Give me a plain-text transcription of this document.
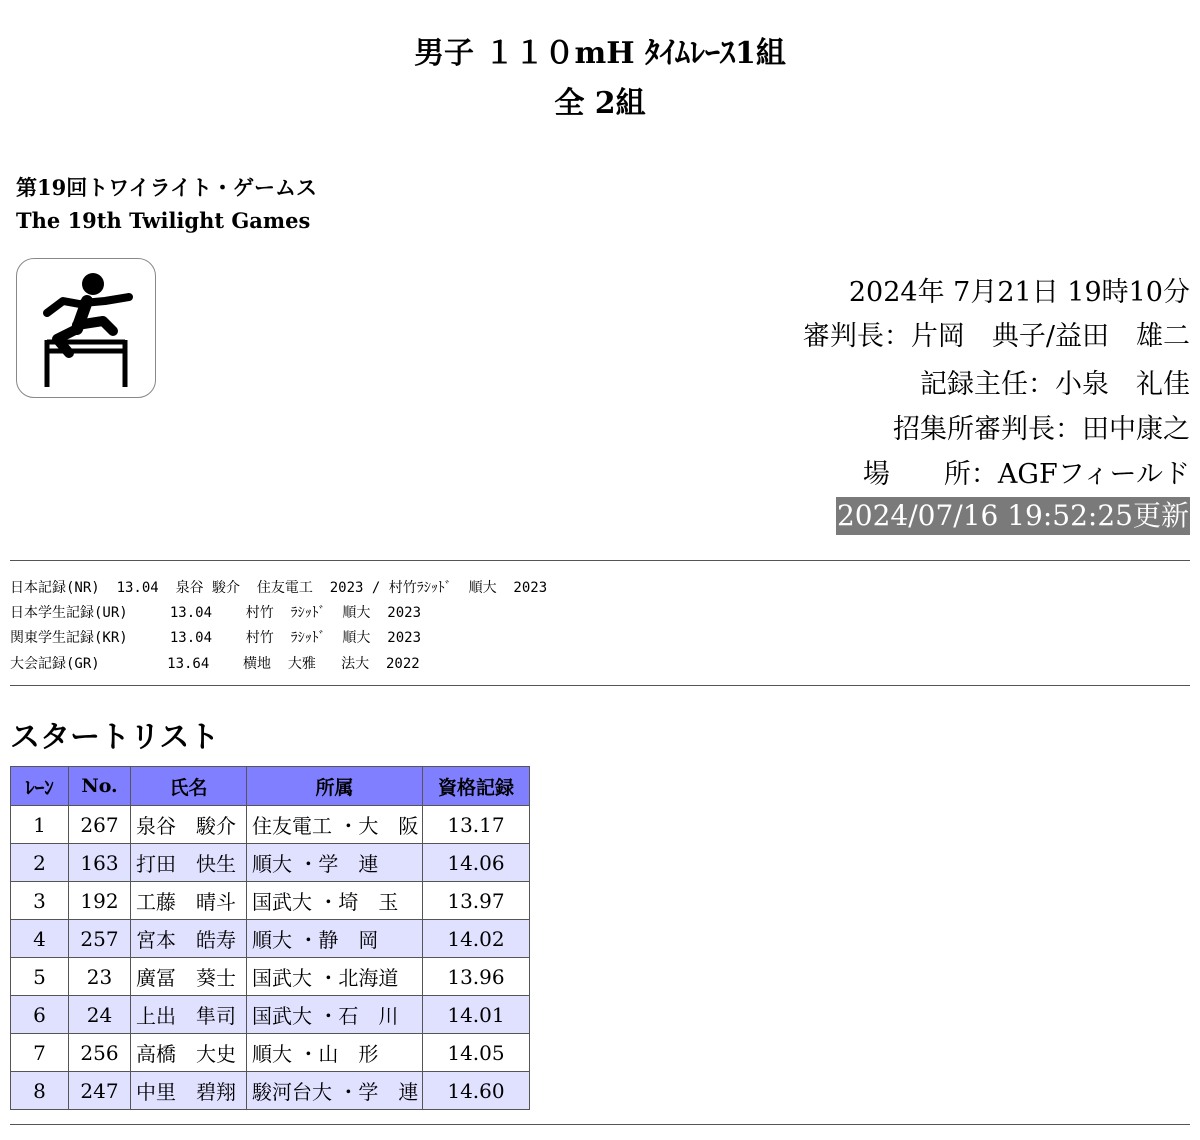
男子 １１０mH ﾀｲﾑﾚｰｽ1組
全 2組
第19回トワイライト・ゲームス
The 19th Twilight Games
2024年 7月21日 19時10分
審判長：片岡　典子/益田　雄二
記録主任：小泉　礼佳
招集所審判長：田中康之
場　　所：AGFフィールド
2024/07/16 19:52:25更新
日本記録(NR)  13.04  泉谷 駿介  住友電工  2023 / 村竹ﾗｼｯﾄﾞ  順大  2023
日本学生記録(UR)     13.04    村竹  ﾗｼｯﾄﾞ  順大  2023
関東学生記録(KR)     13.04    村竹  ﾗｼｯﾄﾞ  順大  2023
大会記録(GR)        13.64    横地  大雅   法大  2022
スタートリスト
ﾚｰﾝ	No.	氏名	所属	資格記録
1	267	泉谷　駿介	住友電工 ・大　阪	13.17
2	163	打田　快生	順大 ・学　連	14.06
3	192	工藤　晴斗	国武大 ・埼　玉	13.97
4	257	宮本　皓寿	順大 ・静　岡	14.02
5	23	廣冨　葵士	国武大 ・北海道	13.96
6	24	上出　隼司	国武大 ・石　川	14.01
7	256	高橋　大史	順大 ・山　形	14.05
8	247	中里　碧翔	駿河台大 ・学　連	14.60
